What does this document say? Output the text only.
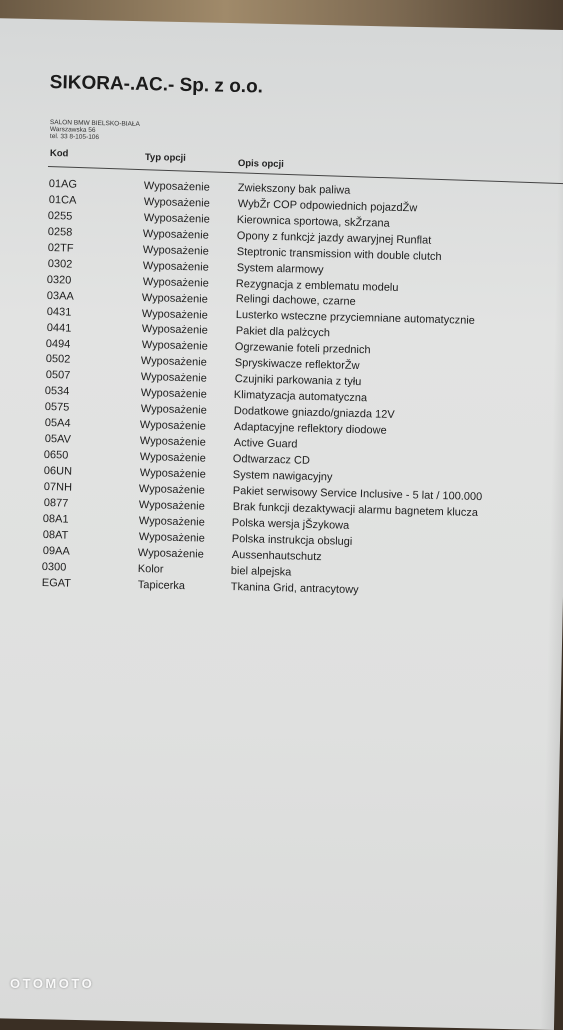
SIKORA-.AC.- Sp. z o.o.
SALON BMW BIELSKO-BIAŁA
Warszawska 56
tel. 33 8-105-106
Kod	Typ opcji
Opis opcji
01AG	Wyposażenie	Zwiekszony bak paliwa
01CA	Wyposażenie	WybŽr COP odpowiednich pojazdŽw
0255	Wyposażenie	Kierownica sportowa, skŽrzana
0258	Wyposażenie	Opony z funkcjż jazdy awaryjnej Runflat
02TF	Wyposażenie	Steptronic transmission with double clutch
0302	Wyposażenie	System alarmowy
0320	Wyposażenie	Rezygnacja z emblematu modelu
03AA	Wyposażenie	Relingi dachowe, czarne
0431	Wyposażenie	Lusterko wsteczne przyciemniane automatycznie
0441	Wyposażenie	Pakiet dla palżcych
0494	Wyposażenie	Ogrzewanie foteli przednich
0502	Wyposażenie Spryskiwacze reflektorŽw
0507	Wyposażenie Czujniki parkowania z tyłu
0534	Wyposażenie Klimatyzacja automatyczna
0575	Wyposażenie Dodatkowe gniazdo/gniazda 12V
05A4	Wyposażenie Adaptacyjne reflektory diodowe
05AV	Wyposażenie Active Guard
0650	Wyposażenie Odtwarzacz CD
06UN	Wyposażenie System nawigacyjny
07NH	Wyposażenie Pakiet serwisowy Service Inclusive - 5 lat / 100.000
0877	Wyposażenie Brak funkcji dezaktywacji alarmu bagnetem klucza
08A1	Wyposażenie Polska wersja jŠzykowa
08AT	Wyposażenie Polska instrukcja obslugi
09AA	Wyposażenie Aussenhautschutz
0300	Kolor	biel alpejska
EGAT	Tapicerka	Tkanina Grid, antracytowy
OTOMOTO
